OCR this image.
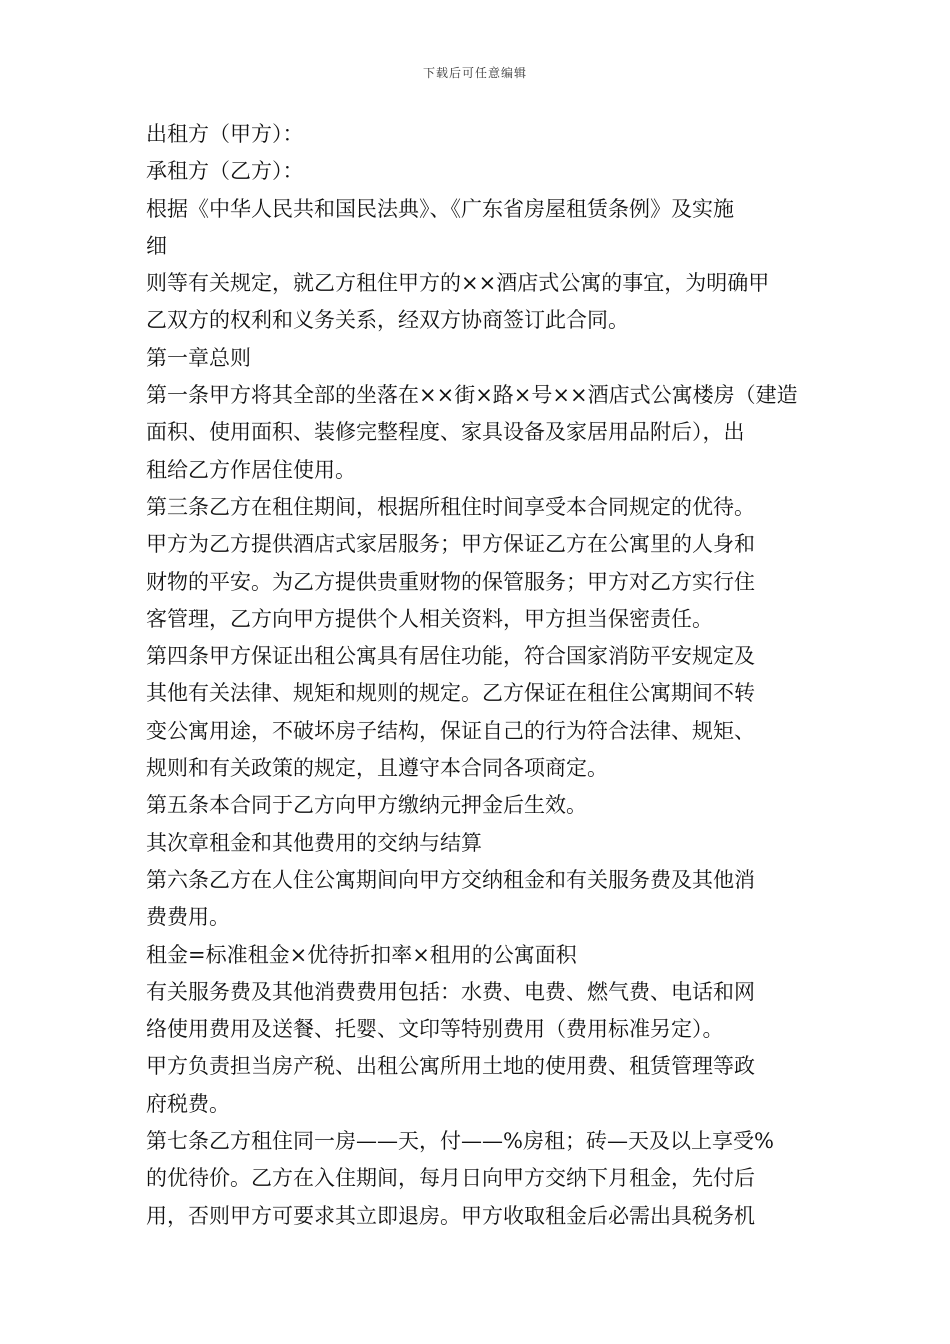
下载后可任意编辑
出租方（甲方）：
承租方（乙方）：
根据《中华人民共和国民法典》、《广东省房屋租赁条例》及实施
细
则等有关规定，就乙方租住甲方的××酒店式公寓的事宜，为明确甲
乙双方的权利和义务关系，经双方协商签订此合同。
第一章总则
第一条甲方将其全部的坐落在××街×路×号××酒店式公寓楼房（建造
面积、使用面积、装修完整程度、家具设备及家居用品附后），出
租给乙方作居住使用。
第三条乙方在租住期间，根据所租住时间享受本合同规定的优待。
甲方为乙方提供酒店式家居服务；甲方保证乙方在公寓里的人身和
财物的平安。为乙方提供贵重财物的保管服务；甲方对乙方实行住
客管理，乙方向甲方提供个人相关资料，甲方担当保密责任。
第四条甲方保证出租公寓具有居住功能，符合国家消防平安规定及
其他有关法律、规矩和规则的规定。乙方保证在租住公寓期间不转
变公寓用途，不破坏房子结构，保证自己的行为符合法律、规矩、
规则和有关政策的规定，且遵守本合同各项商定。
第五条本合同于乙方向甲方缴纳元押金后生效。
其次章租金和其他费用的交纳与结算
第六条乙方在人住公寓期间向甲方交纳租金和有关服务费及其他消
费费用。
租金=标准租金×优待折扣率×租用的公寓面积
有关服务费及其他消费费用包括：水费、电费、燃气费、电话和网
络使用费用及送餐、托婴、文印等特别费用（费用标准另定）。
甲方负责担当房产税、出租公寓所用土地的使用费、租赁管理等政
府税费。
第七条乙方租住同一房——天，付——%房租；砖—天及以上享受%
的优待价。乙方在入住期间，每月日向甲方交纳下月租金，先付后
用，否则甲方可要求其立即退房。甲方收取租金后必需出具税务机
